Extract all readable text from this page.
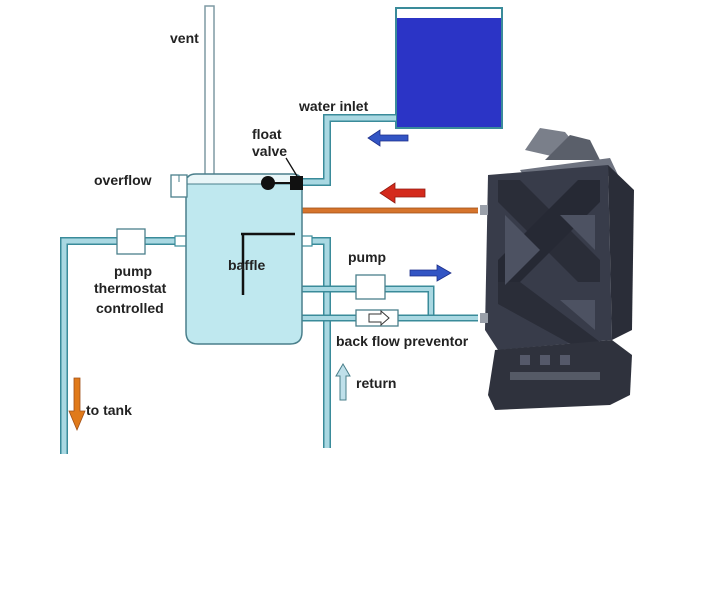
vent
water inlet
float
valve
overflow
baffle	pump
pump
thermostat
controlled
back flow preventor
return
to tank
